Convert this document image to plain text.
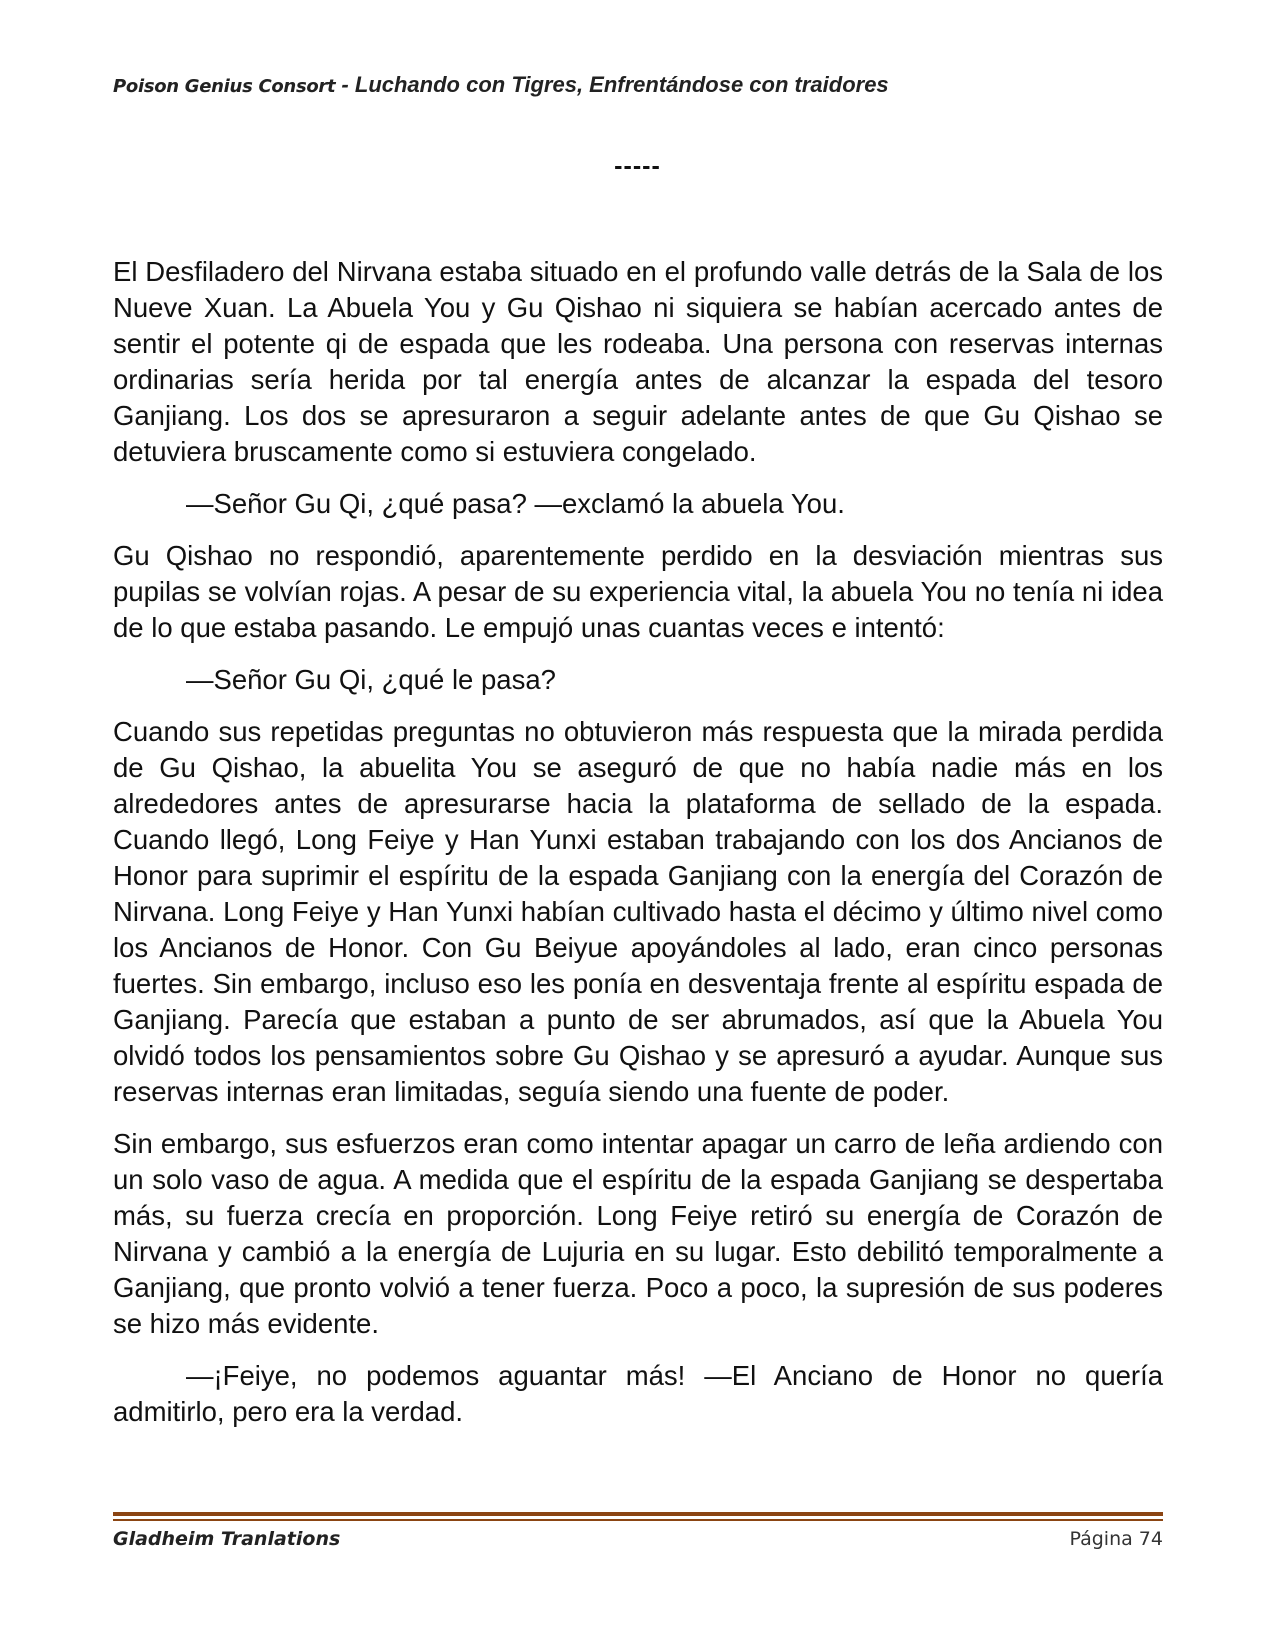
Poison Genius Consort - Luchando con Tigres, Enfrentándose con traidores
-----

El Desfiladero del Nirvana estaba situado en el profundo valle detrás de la Sala de los Nueve Xuan. La Abuela You y Gu Qishao ni siquiera se habían acercado antes de sentir el potente qi de espada que les rodeaba. Una persona con reservas internas ordinarias sería herida por tal energía antes de alcanzar la espada del tesoro Ganjiang. Los dos se apresuraron a seguir adelante antes de que Gu Qishao se detuviera bruscamente como si estuviera congelado.

—Señor Gu Qi, ¿qué pasa? —exclamó la abuela You.

Gu Qishao no respondió, aparentemente perdido en la desviación mientras sus pupilas se volvían rojas. A pesar de su experiencia vital, la abuela You no tenía ni idea de lo que estaba pasando. Le empujó unas cuantas veces e intentó:

—Señor Gu Qi, ¿qué le pasa?

Cuando sus repetidas preguntas no obtuvieron más respuesta que la mirada perdida de Gu Qishao, la abuelita You se aseguró de que no había nadie más en los alrededores antes de apresurarse hacia la plataforma de sellado de la espada. Cuando llegó, Long Feiye y Han Yunxi estaban trabajando con los dos Ancianos de Honor para suprimir el espíritu de la espada Ganjiang con la energía del Corazón de Nirvana. Long Feiye y Han Yunxi habían cultivado hasta el décimo y último nivel como los Ancianos de Honor. Con Gu Beiyue apoyándoles al lado, eran cinco personas fuertes. Sin embargo, incluso eso les ponía en desventaja frente al espíritu espada de Ganjiang. Parecía que estaban a punto de ser abrumados, así que la Abuela You olvidó todos los pensamientos sobre Gu Qishao y se apresuró a ayudar. Aunque sus reservas internas eran limitadas, seguía siendo una fuente de poder.

Sin embargo, sus esfuerzos eran como intentar apagar un carro de leña ardiendo con un solo vaso de agua. A medida que el espíritu de la espada Ganjiang se despertaba más, su fuerza crecía en proporción. Long Feiye retiró su energía de Corazón de Nirvana y cambió a la energía de Lujuria en su lugar. Esto debilitó temporalmente a Ganjiang, que pronto volvió a tener fuerza. Poco a poco, la supresión de sus poderes se hizo más evidente.

—¡Feiye, no podemos aguantar más! —El Anciano de Honor no quería admitirlo, pero era la verdad.

Gladheim Tranlations	Página 74
